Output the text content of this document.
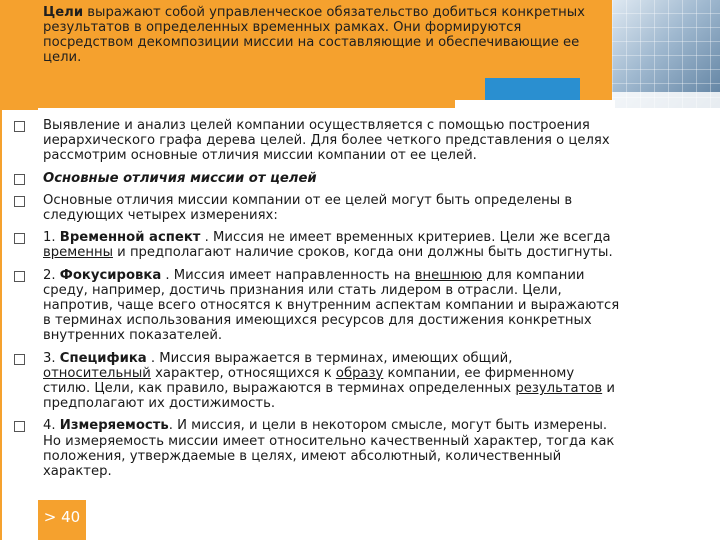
Цели выражают собой управленческое обязательство добиться конкретных результатов в определенных временных рамках. Они формируются посредством декомпозиции миссии на составляющие и обеспечивающие ее цели.
Выявление и анализ целей компании осуществляется с помощью построения иерархического графа дерева целей. Для более четкого представления о целях рассмотрим основные отличия миссии компании от ее целей.
Основные отличия миссии от целей
Основные отличия миссии компании от ее целей могут быть определены в следующих четырех измерениях:
1. Временной аспект . Миссия не имеет временных критериев. Цели же всегда временны и предполагают наличие сроков, когда они должны быть достигнуты.
2. Фокусировка . Миссия имеет направленность на внешнюю для компании среду, например, достичь признания или стать лидером в отрасли. Цели, напротив, чаще всего относятся к внутренним аспектам компании и выражаются в терминах использования имеющихся ресурсов для достижения конкретных внутренних показателей.
3. Специфика . Миссия выражается в терминах, имеющих общий, относительный характер, относящихся к образу компании, ее фирменному стилю. Цели, как правило, выражаются в терминах определенных результатов и предполагают их достижимость.
4. Измеряемость. И миссия, и цели в некотором смысле, могут быть измерены. Но измеряемость миссии имеет относительно качественный характер, тогда как положения, утверждаемые в целях, имеют абсолютный, количественный характер.
> 40
